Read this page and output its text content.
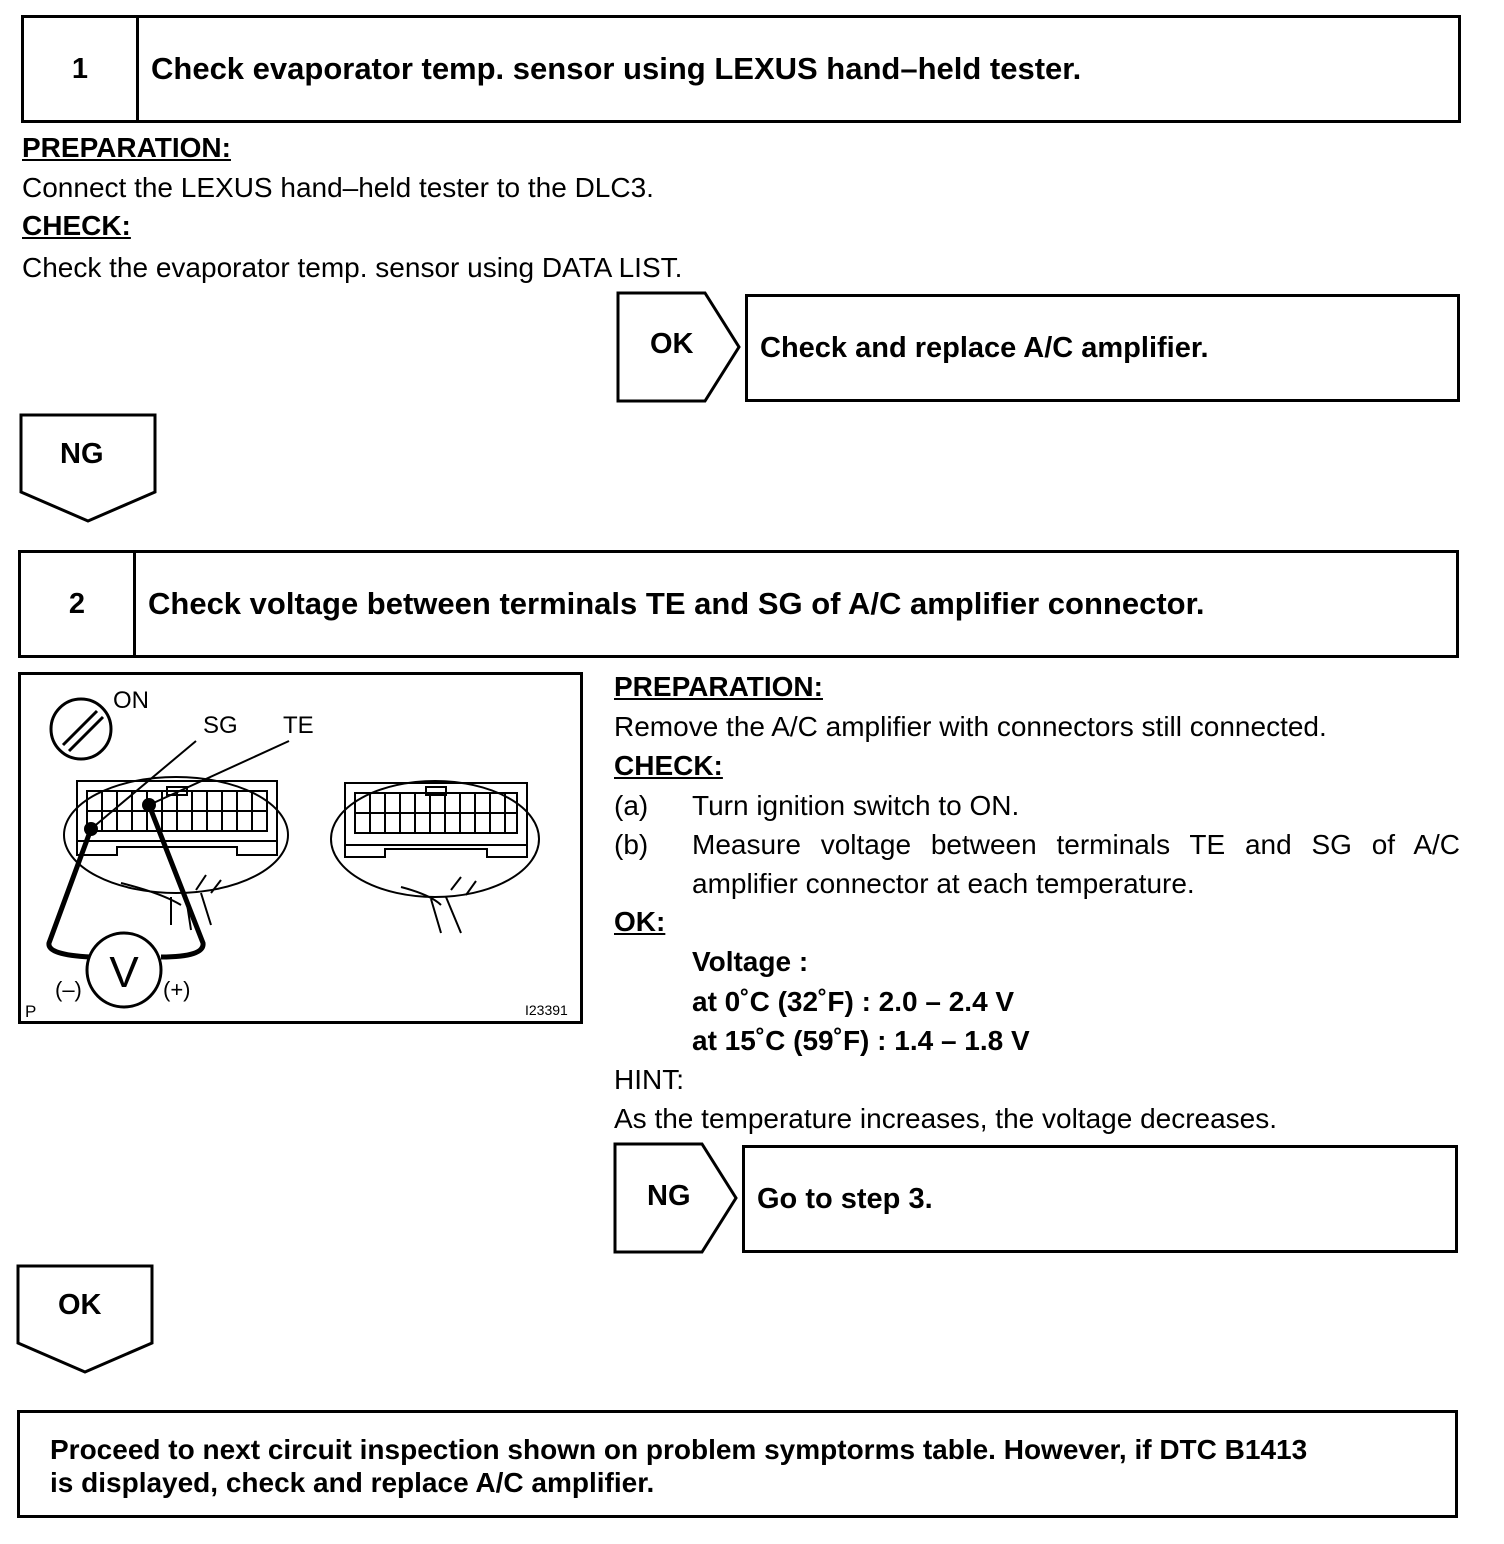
1	Check evaporator temp. sensor using LEXUS hand–held tester.
PREPARATION:
Connect the LEXUS hand–held tester to the DLC3.
CHECK:
Check the evaporator temp. sensor using DATA LIST.
OK	Check and replace A/C amplifier.
NG
2	Check voltage between terminals TE and SG of A/C amplifier connector.
ON
SG TE
V
(–)	(+)
P	I23391
PREPARATION:
Remove the A/C amplifier with connectors still connected.
CHECK:
(a) Turn ignition switch to ON.
(b) Measure voltage between terminals TE and SG of A/C
amplifier connector at each temperature.
OK:
Voltage :
at 0˚C (32˚F) : 2.0 – 2.4 V
at 15˚C (59˚F) : 1.4 – 1.8 V
HINT:
As the temperature increases, the voltage decreases.
NG	Go to step 3.
OK
Proceed to next circuit inspection shown on problem symptorms table. However, if DTC B1413
is displayed, check and replace A/C amplifier.
